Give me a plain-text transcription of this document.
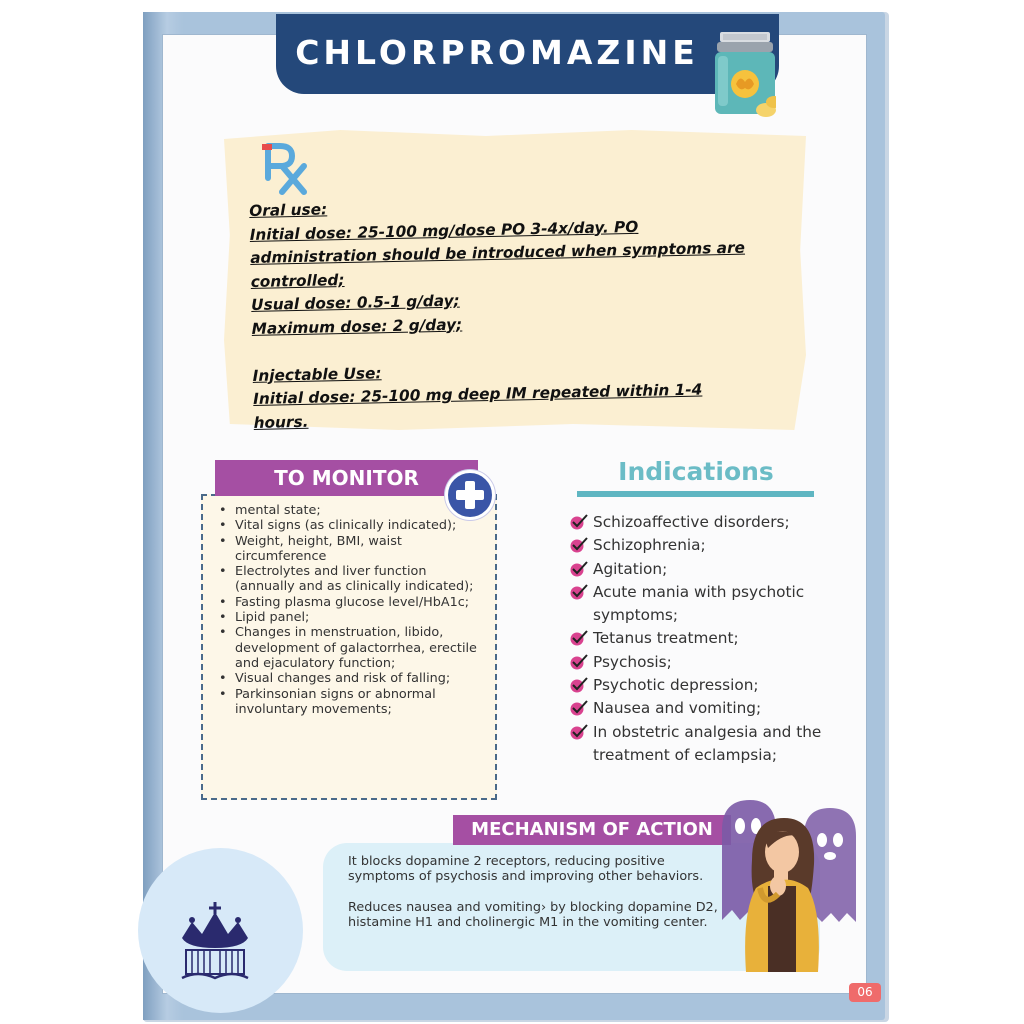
CHLORPROMAZINE
Oral use:
Initial dose: 25-100 mg/dose PO 3-4x/day. PO
administration should be introduced when symptoms are
controlled;
Usual dose: 0.5-1 g/day;
Maximum dose: 2 g/day;
Injectable Use:
Initial dose: 25-100 mg deep IM repeated within 1-4
hours.
TO MONITOR
• mental state;
• Vital signs (as clinically indicated);
• Weight, height, BMI, waist circumference
• Electrolytes and liver function (annually and as clinically indicated);
• Fasting plasma glucose level/HbA1c;
• Lipid panel;
• Changes in menstruation, libido, development of galactorrhea, erectile and ejaculatory function;
• Visual changes and risk of falling;
• Parkinsonian signs or abnormal involuntary movements;
Indications
Schizoaffective disorders;
Schizophrenia;
Agitation;
Acute mania with psychotic symptoms;
Tetanus treatment;
Psychosis;
Psychotic depression;
Nausea and vomiting;
In obstetric analgesia and the treatment of eclampsia;
MECHANISM OF ACTION

It blocks dopamine 2 receptors, reducing positive symptoms of psychosis and improving other behaviors.

Reduces nausea and vomiting› by blocking dopamine D2, histamine H1 and cholinergic M1 in the vomiting center.

06
